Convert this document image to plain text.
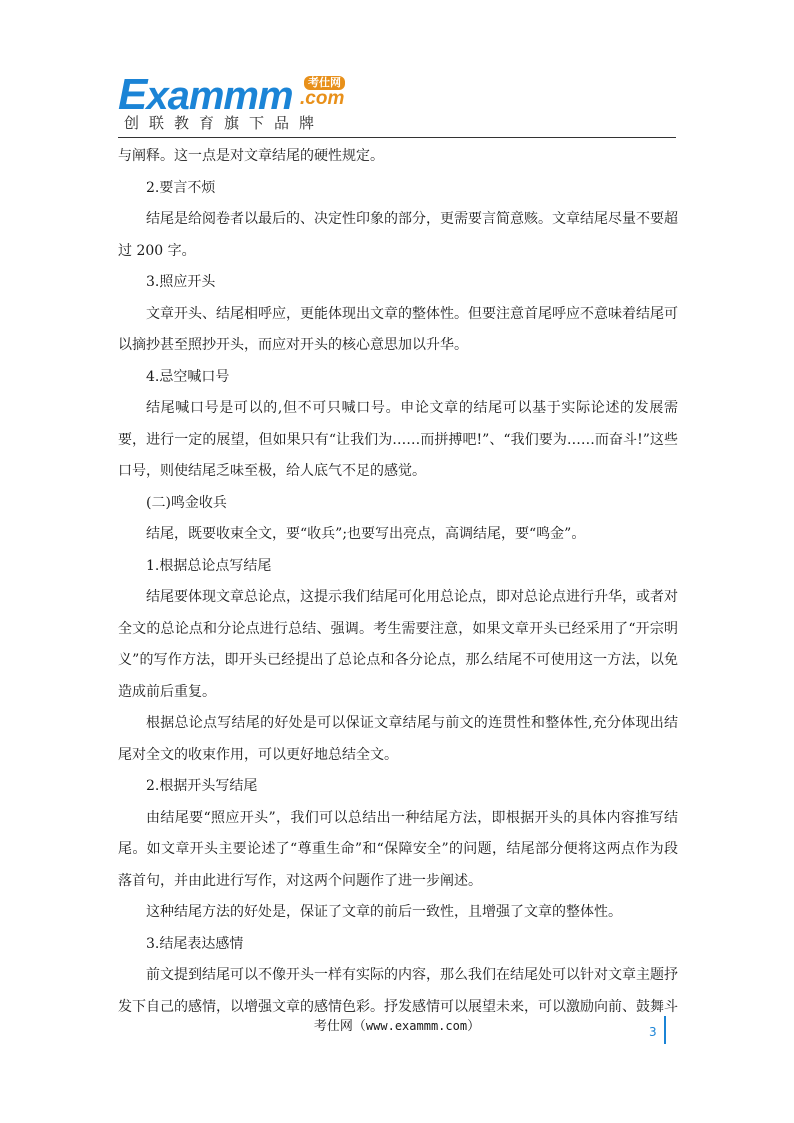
Exammm	考仕网
.com
创联教育旗下品牌

与阐释。这一点是对文章结尾的硬性规定。

2.要言不烦

结尾是给阅卷者以最后的、决定性印象的部分，更需要言简意赅。文章结尾尽量不要超过 200 字。

3.照应开头

文章开头、结尾相呼应，更能体现出文章的整体性。但要注意首尾呼应不意味着结尾可以摘抄甚至照抄开头，而应对开头的核心意思加以升华。

4.忌空喊口号

结尾喊口号是可以的,但不可只喊口号。申论文章的结尾可以基于实际论述的发展需要，进行一定的展望，但如果只有“让我们为……而拼搏吧!”、“我们要为……而奋斗!”这些口号，则使结尾乏味至极，给人底气不足的感觉。

(二)鸣金收兵

结尾，既要收束全文，要“收兵”;也要写出亮点，高调结尾，要“鸣金”。

1.根据总论点写结尾

结尾要体现文章总论点，这提示我们结尾可化用总论点，即对总论点进行升华，或者对全文的总论点和分论点进行总结、强调。考生需要注意，如果文章开头已经采用了“开宗明义”的写作方法，即开头已经提出了总论点和各分论点，那么结尾不可使用这一方法，以免造成前后重复。

根据总论点写结尾的好处是可以保证文章结尾与前文的连贯性和整体性,充分体现出结尾对全文的收束作用，可以更好地总结全文。

2.根据开头写结尾

由结尾要“照应开头”，我们可以总结出一种结尾方法，即根据开头的具体内容推写结尾。如文章开头主要论述了“尊重生命”和“保障安全”的问题，结尾部分便将这两点作为段落首句，并由此进行写作，对这两个问题作了进一步阐述。

这种结尾方法的好处是，保证了文章的前后一致性，且增强了文章的整体性。

3.结尾表达感情

前文提到结尾可以不像开头一样有实际的内容，那么我们在结尾处可以针对文章主题抒发下自己的感情，以增强文章的感情色彩。抒发感情可以展望未来，可以激励向前、鼓舞斗

考仕网（www.exammm.com）	3
